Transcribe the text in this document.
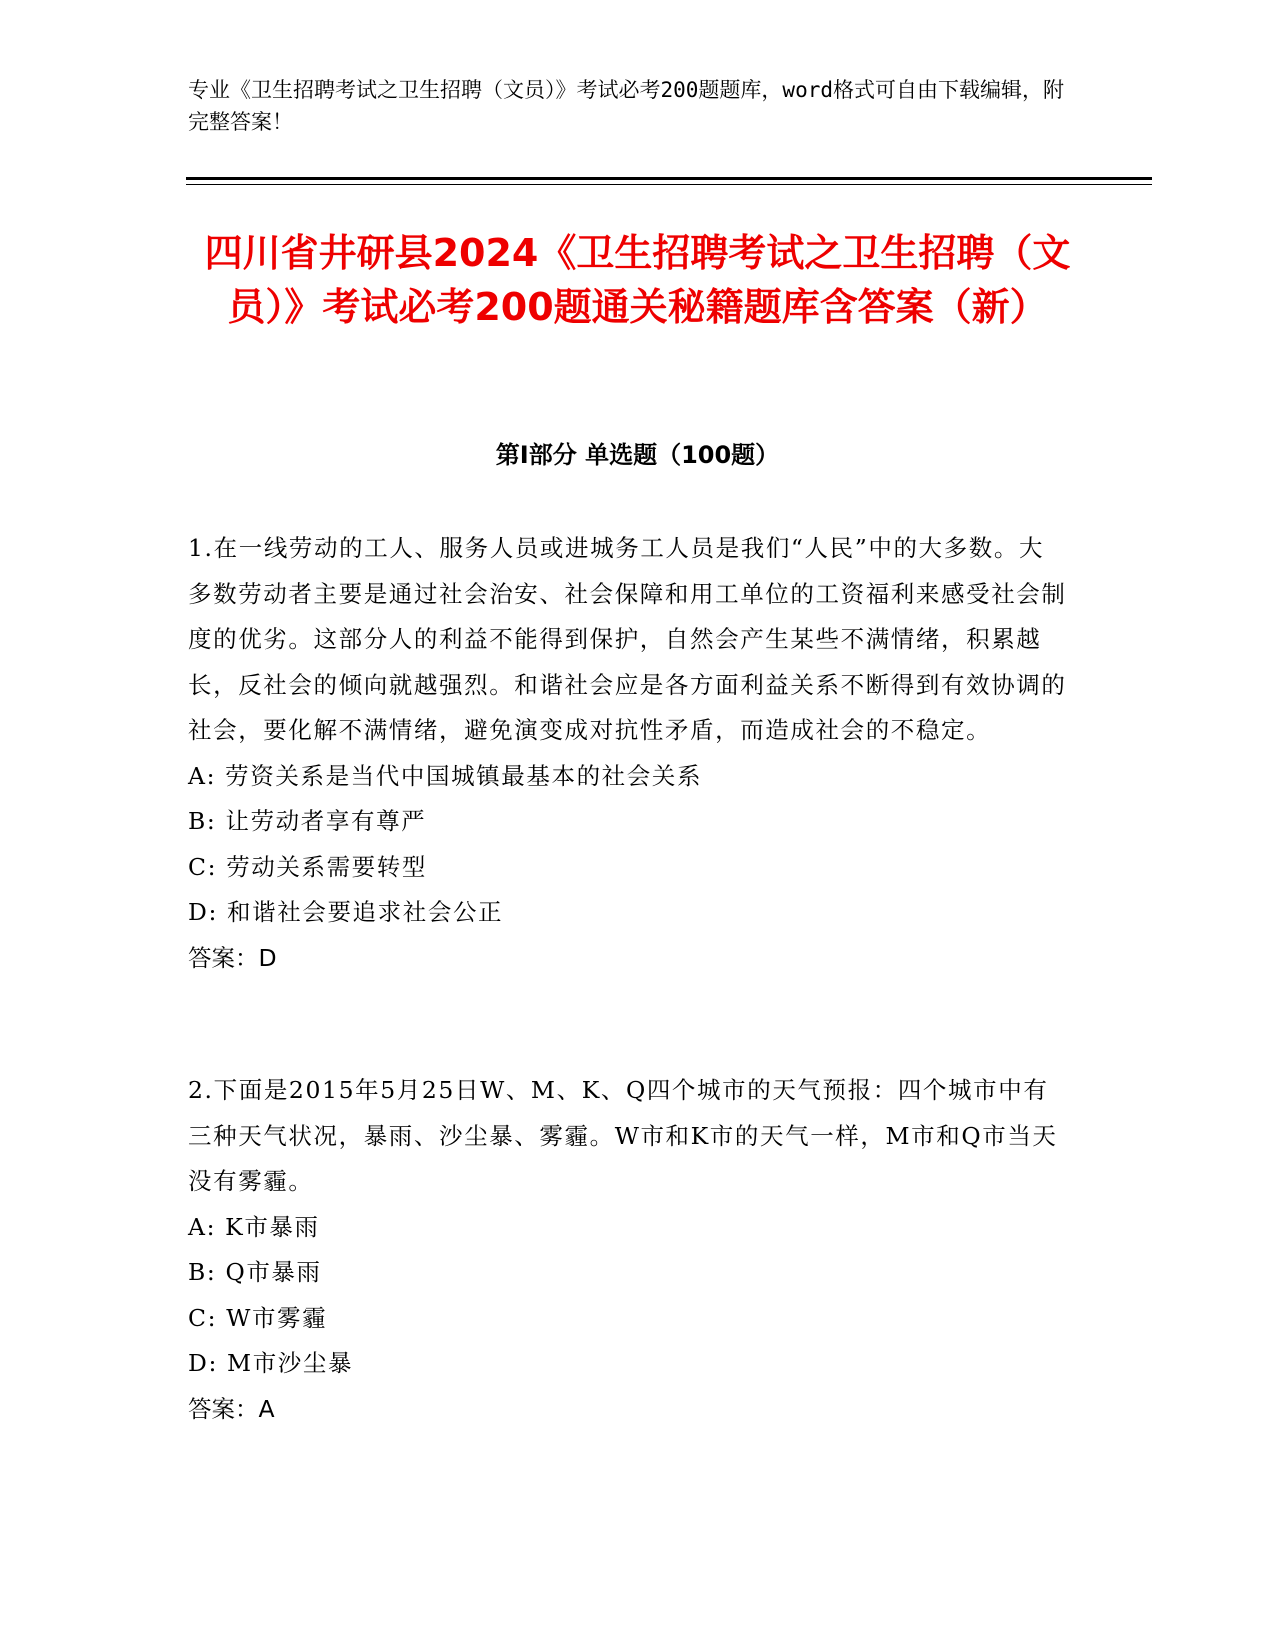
专业《卫生招聘考试之卫生招聘（文员）》考试必考200题题库，word格式可自由下载编辑，附完整答案！
四川省井研县2024《卫生招聘考试之卫生招聘（文员）》考试必考200题通关秘籍题库含答案（新）
第I部分 单选题（100题）

1.在一线劳动的工人、服务人员或进城务工人员是我们“人民”中的大多数。大多数劳动者主要是通过社会治安、社会保障和用工单位的工资福利来感受社会制度的优劣。这部分人的利益不能得到保护，自然会产生某些不满情绪，积累越长，反社会的倾向就越强烈。和谐社会应是各方面利益关系不断得到有效协调的社会，要化解不满情绪，避免演变成对抗性矛盾，而造成社会的不稳定。

A: 劳资关系是当代中国城镇最基本的社会关系

B: 让劳动者享有尊严

C: 劳动关系需要转型

D: 和谐社会要追求社会公正

答案：D

2.下面是2015年5月25日W、M、K、Q四个城市的天气预报：四个城市中有三种天气状况，暴雨、沙尘暴、雾霾。W市和K市的天气一样，M市和Q市当天没有雾霾。

A: K市暴雨

B: Q市暴雨

C: W市雾霾

D: M市沙尘暴

答案：A
